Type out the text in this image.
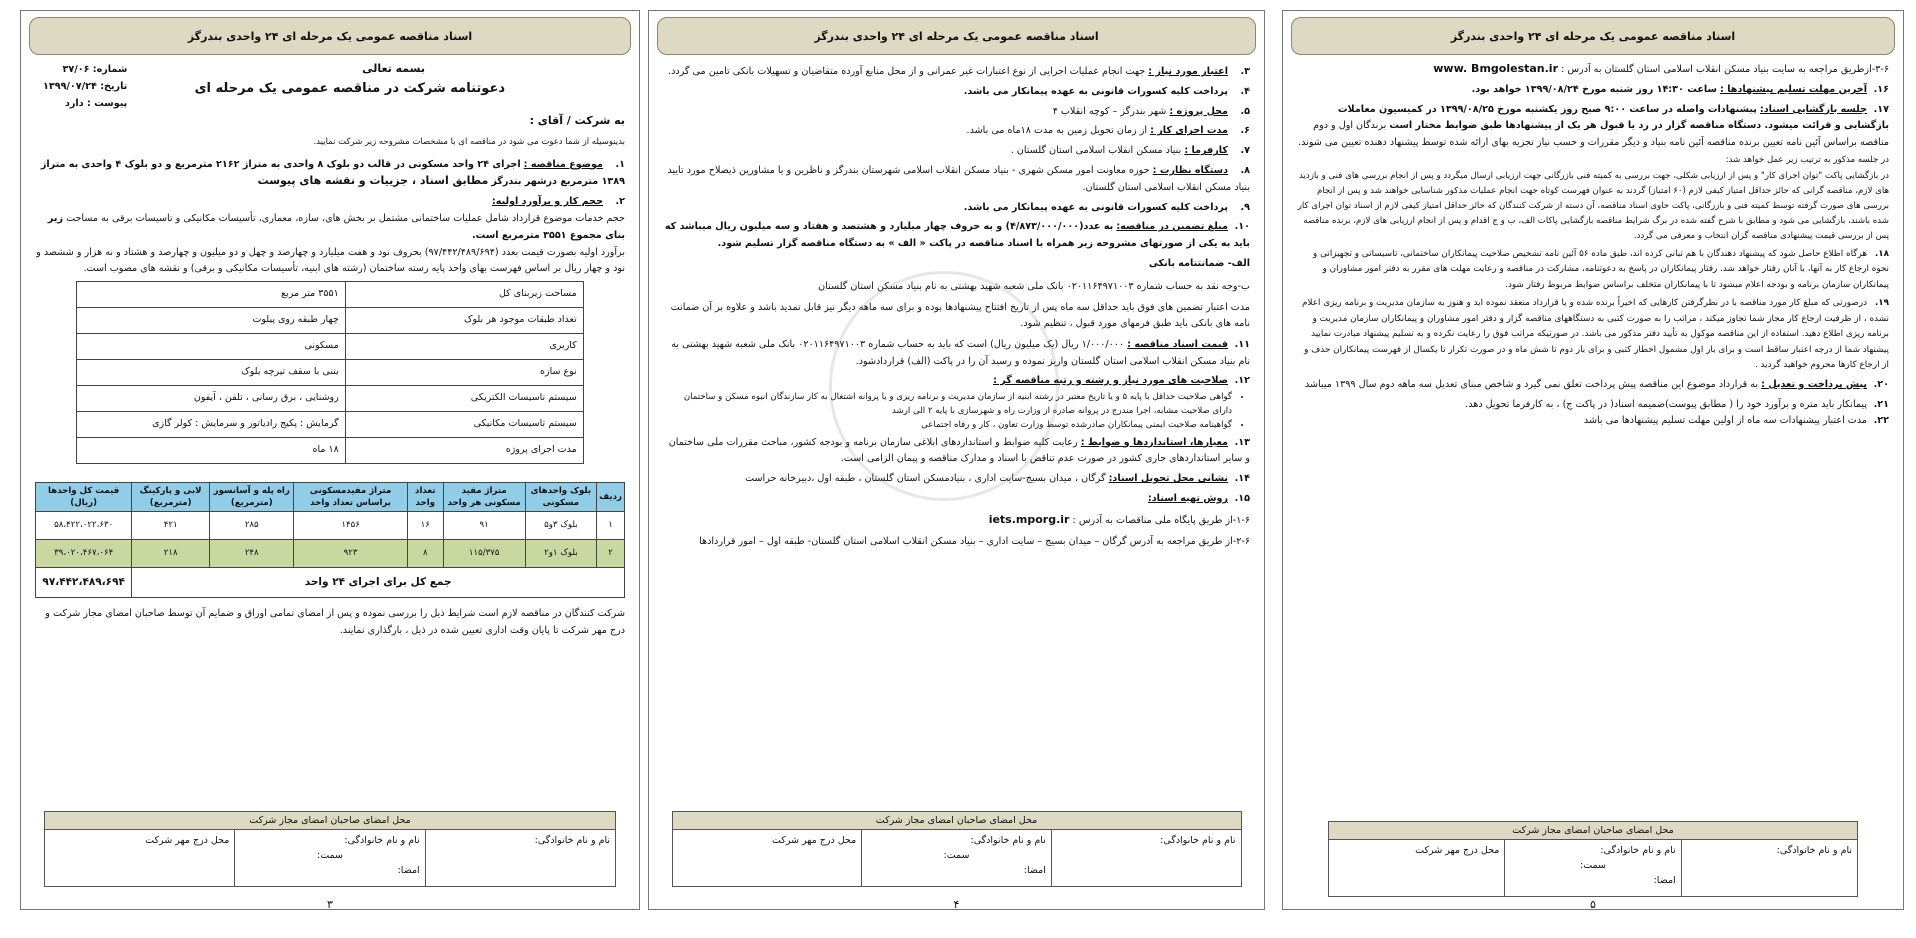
اسناد مناقصه عمومی یک مرحله ای ۲۴ واحدی بندرگز
بسمه تعالی
دعوتنامه شرکت در مناقصه عمومی یک مرحله ای
شماره: ۳۷/۰۶
تاریخ: ۱۳۹۹/۰۷/۲۴
پیوست : دارد

به شرکت / آقای :

بدینوسیله از شما دعوت می شود در مناقصه ای با مشخصات مشروحه زیر شرکت نمایید.

۱.موضوع مناقصه : اجرای ۲۴ واحد مسکونی در قالب دو بلوک ۸ واحدی به متراژ ۲۱۶۲ مترمربع و دو بلوک ۴ واحدی به متراژ ۱۳۸۹ مترمربع درشهر بندرگز مطابق اسناد ، جزییات و نقشه های پیوست

۲.حجم کار و برآورد اولیه:

حجم خدمات موضوع قرارداد شامل عملیات ساختمانی مشتمل بر بخش های، سازه، معماری، تأسیسات مکانیکی و تاسیسات برقی به مساحت زیر بنای مجموع ۳۵۵۱ مترمربع است.

برآورد اولیه بصورت قیمت بعدد (۹۷/۴۴۲/۴۸۹/۶۹۴) بحروف نود و هفت میلیارد و چهارصد و چهل و دو میلیون و چهارصد و هشتاد و نه هزار و ششصد و نود و چهار ریال بر اساس فهرست بهای واحد پایه رسته ساختمان (رشته های ابنیه، تأسیسات مکانیکی و برقی) و نقشه های مصوب است.

مساحت زیربنای کل	۳۵۵۱ متر مربع
تعداد طبقات موجود هر بلوک	چهار طبقه روی پیلوت
کاربری	مسکونی
نوع سازه	بتنی با سقف تیرچه بلوک
سیستم تاسیسات الکتریکی	روشنایی ، برق رسانی ، تلفن ، آیفون
سیستم تاسیسات مکانیکی	گرمایش : پکیج رادیاتور و سرمایش : کولر گازی
مدت اجرای پروژه	۱۸ ماه
ردیف	بلوک واحدهای مسکونی	متراژ مفید مسکونی هر واحد	تعداد واحد	متراژ مفیدمسکونی براساس تعداد واحد	راه پله و آسانسور (مترمربع)	لابی و پارکینگ (مترمربع)	قیمت کل واحدها (ریال)
۱	بلوک ۳و۵	۹۱	۱۶	۱۴۵۶	۲۸۵	۴۲۱	۵۸،۴۲۲،۰۲۲،۶۳۰
۲	بلوک ۱و۲	۱۱۵/۳۷۵	۸	۹۲۳	۲۴۸	۲۱۸	۳۹،۰۲۰،۴۶۷،۰۶۴
جمع کل برای اجرای ۲۴ واحد							۹۷،۴۴۲،۴۸۹،۶۹۴

شرکت کنندگان در مناقصه لازم است شرایط ذیل را بررسی نموده و پس از امضای تمامی اوراق و ضمایم آن توسط صاحبان امضای مجاز شرکت و درج مهر شرکت تا پایان وقت اداری تعیین شده در ذیل ، بارگذاری نمایند.

محل امضای صاحبان امضای مجاز شرکت
نام و نام خانوادگی:
نام و نام خانوادگی:
سمت:
امضا:
محل درج مهر شرکت
۳
اسناد مناقصه عمومی یک مرحله ای ۲۴ واحدی بندرگز

۳.اعتبار مورد نیاز : جهت انجام عملیات اجرایی از نوع اعتبارات غیر عمرانی و از محل منابع آورده متقاضیان و تسهیلات بانکی تامین می گردد.

۴.پرداخت کلیه کسورات قانونی به عهده پیمانکار می باشد.

۵.محل پروژه : شهر بندرگز – کوچه انقلاب ۴

۶.مدت اجرای کار : از زمان تحویل زمین به مدت ۱۸ماه می باشد.

۷.کارفرما : بنیاد مسکن انقلاب اسلامی استان گلستان .

۸.دستگاه نظارت : حوزه معاونت امور مسکن شهری - بنیاد مسکن انقلاب اسلامی شهرستان بندرگز و ناظرین و یا مشاورین ذیصلاح مورد تایید بنیاد مسکن انقلاب اسلامی استان گلستان.

۹.پرداخت کلیه کسورات قانونی به عهده پیمانکار می باشد.

۱۰.مبلغ تضمین در مناقصه: به عدد(۴/۸۷۳/۰۰۰/۰۰۰) و به حروف چهار میلیارد و هشتصد و هفتاد و سه میلیون ریال میباشد که باید به یکی از صورتهای مشروحه زیر همراه با اسناد مناقصه در پاکت « الف » به دستگاه مناقصه گزار تسلیم شود.

الف- ضمانتنامه بانکی

ب-وجه نقد به حساب شماره ۰۲۰۱۱۶۴۹۷۱۰۰۳ بانک ملی شعبه شهید بهشتی به نام بنیاد مسکن استان گلستان

مدت اعتبار تضمین های فوق باید حداقل سه ماه پس از تاریخ افتتاح پیشنهادها بوده و برای سه ماهه دیگر نیز قابل تمدید باشد و علاوه بر آن ضمانت نامه های بانکی باید طبق فرمهای مورد قبول ، تنظیم شود.

۱۱.قیمت اسناد مناقصه : ۱/۰۰۰/۰۰۰ ریال (یک میلیون ریال) است که باید به حساب شماره ۰۲۰۱۱۶۴۹۷۱۰۰۳ بانک ملی شعبه شهید بهشتی به نام بنیاد مسکن انقلاب اسلامی استان گلستان واریز نموده و رسید آن را در پاکت (الف) قراردادشود.

۱۲.صلاحیت های مورد نیاز و رشته و رتبه مناقصه گر :

• گواهی صلاحیت حداقل با پایه ۵ و یا تاریخ معتبر در رشته ابنیه از سازمان مدیریت و برنامه ریزی و یا پروانه اشتغال به کار سازندگان انبوه مسکن و ساختمان دارای صلاحیت مشابه، اجرا مندرج در پروانه صادره از وزارت راه و شهرسازی با پایه ۲ الی ارشد
• گواهینامه صلاحیت ایمنی پیمانکاران صادرشده توسط وزارت تعاون ، کار و رفاه اجتماعی

۱۳.معیارها، استانداردها و ضوابط : رعایت کلیه ضوابط و استانداردهای ابلاغی سازمان برنامه و بودجه کشور، مباحث مقررات ملی ساختمان و سایر استانداردهای جاری کشور در صورت عدم تناقض با اسناد و مدارک مناقصه و پیمان الزامی است.

۱۴.نشانی محل تحویل اسناد: گرگان ، میدان بسیج-سایت اداری ، بنیادمسکن استان گلستان ، طبقه اول ،دبیرخانه حراست

۱۵.روش تهیه اسناد:

۱-۶-از طریق پایگاه ملی مناقصات به آدرس : iets.mporg.ir

۲-۶-از طریق مراجعه به آدرس گرگان – میدان بسیج – سایت اداری – بنیاد مسکن انقلاب اسلامی استان گلستان- طبقه اول – امور قراردادها

محل امضای صاحبان امضای مجاز شرکت
نام و نام خانوادگی:
نام و نام خانوادگی:
سمت:
امضا:
محل درج مهر شرکت
۴
اسناد مناقصه عمومی یک مرحله ای ۲۴ واحدی بندرگز

۳-۶-ازطریق مراجعه به سایت بنیاد مسکن انقلاب اسلامی استان گلستان به آدرس : www. Bmgolestan.ir

۱۶.آخرین مهلت تسلیم پیشنهادها : ساعت ۱۴:۳۰ روز شنبه مورخ ۱۳۹۹/۰۸/۲۴ خواهد بود.

۱۷.جلسه بازگشایی اسناد: پیشنهادات واصله در ساعت ۹:۰۰ صبح روز یکشنبه مورخ ۱۳۹۹/۰۸/۲۵ در کمیسیون معاملات بازگشایی و قرائت میشود. دستگاه مناقصه گزار در رد یا قبول هر یک از پیشنهادها طبق ضوابط مختار است برندگان اول و دوم مناقصه براساس آئین نامه تعیین برنده مناقصه آئین نامه بنیاد و دیگر مقررات و حسب نیاز تجزیه بهای ارائه شده توسط پیشنهاد دهنده تعیین می شوند.

در جلسه مذکور به ترتیب زیر عمل خواهد شد:

در بازگشایی پاکت "توان اجرای کار" و پس از ارزیابی شکلی، جهت بررسی به کمیته فنی بازرگانی جهت ارزیابی ارسال میگردد و پس از انجام بررسی های فنی و بازدید های لازم، مناقصه گرانی که حائز حداقل امتیاز کیفی لازم (۶۰ امتیاز) گردند به عنوان فهرست کوتاه جهت انجام عملیات مذکور شناسایی خواهند شد و پس از انجام بررسی های صورت گرفته توسط کمیته فنی و بازرگانی، پاکت حاوی اسناد مناقصه، آن دسته از شرکت کنندگان که حائز حداقل امتیاز کیفی لازم از اسناد توان اجرای کار شده باشند، بازگشایی می شود و مطابق با شرح گفته شده در برگ شرایط مناقصه بازگشایی پاکات الف، ب و ج اقدام و پس از انجام ارزیابی های لازم، برنده مناقصه پس از بررسی قیمت پیشنهادی مناقصه گران انتخاب و معرفی می گردد.

۱۸.هرگاه اطلاع حاصل شود که پیشنهاد دهندگان با هم تبانی کرده اند، طبق ماده ۵۶ آئین نامه تشخیص صلاحیت پیمانکاران ساختمانی، تاسیساتی و تجهیزاتی و نحوه ارجاع کار به آنها، با آنان رفتار خواهد شد. رفتار پیمانکاران در پاسخ به دعوتنامه، مشارکت در مناقصه و رعایت مهلت های مقرر به دفتر امور مشاوران و پیمانکاران سازمان برنامه و بودجه اعلام میشود تا با پیمانکاران متخلف براساس ضوابط مربوط رفتار شود.

۱۹.درصورتی که مبلغ کار مورد مناقصه با در نظرگرفتن کارهایی که اخیراً برنده شده و یا قرارداد منعقد نموده اید و هنوز به سازمان مدیریت و برنامه ریزی اعلام نشده ، از ظرفیت ارجاع کار مجاز شما تجاوز میکند ، مراتب را به صورت کتبی به دستگاههای مناقصه گزار و دفتر امور مشاوران و پیمانکاران سازمان مدیریت و برنامه ریزی اطلاع دهید. استفاده از این مناقصه موکول به تأیید دفتر مذکور می باشد. در صورتیکه مراتب فوق را رعایت نکرده و به تسلیم پیشنهاد مبادرت نمایید پیشنهاد شما از درجه اعتبار ساقط است و برای بار اول مشمول اخطار کتبی و برای بار دوم تا شش ماه و در صورت تکرار تا یکسال از فهرست پیمانکاران حذف و از ارجاع کارها محروم خواهید گردید .

۲۰.پیش پرداخت و تعدیل : به قرارداد موضوع این مناقصه پیش پرداخت تعلق نمی گیرد و شاخص مبنای تعدیل سه ماهه دوم سال ۱۳۹۹ میباشد

۲۱.پیمانکار باید متره و برآورد خود را ( مطابق پیوست)ضمیمه اسناد( در پاکت ج) ، به کارفرما تحویل دهد.

۲۲.مدت اعتبار پیشنهادات سه ماه از اولین مهلت تسلیم پیشنهادها می باشد

محل امضای صاحبان امضای مجاز شرکت
نام و نام خانوادگی:
نام و نام خانوادگی:
سمت:
امضا:
محل درج مهر شرکت
۵
